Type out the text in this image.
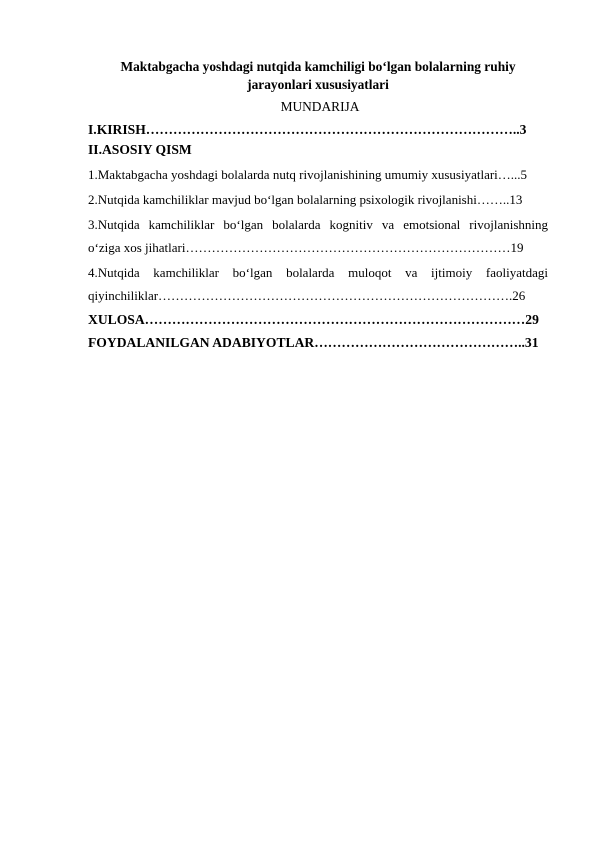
Maktabgacha yoshdagi nutqida kamchiligi bo‘lgan bolalarning ruhiy
jarayonlari xususiyatlari
MUNDARIJA
I.KIRISH………………………………………………………………………..3
II.ASOSIY QISM
1.Maktabgacha yoshdagi bolalarda nutq rivojlanishining umumiy xususiyatlari…...5
2.Nutqida kamchiliklar mavjud bo‘lgan bolalarning psixologik rivojlanishi……..13
3.Nutqida kamchiliklar bo‘lgan bolalarda kognitiv va emotsional rivojlanishning
o‘ziga xos jihatlari…………………………………………………………………19
4.Nutqida kamchiliklar bo‘lgan bolalarda muloqot va ijtimoiy faoliyatdagi
qiyinchiliklar……………………………………………………………………….26
XULOSA…………………………………………………………………………29
FOYDALANILGAN ADABIYOTLAR………………………………………..31
